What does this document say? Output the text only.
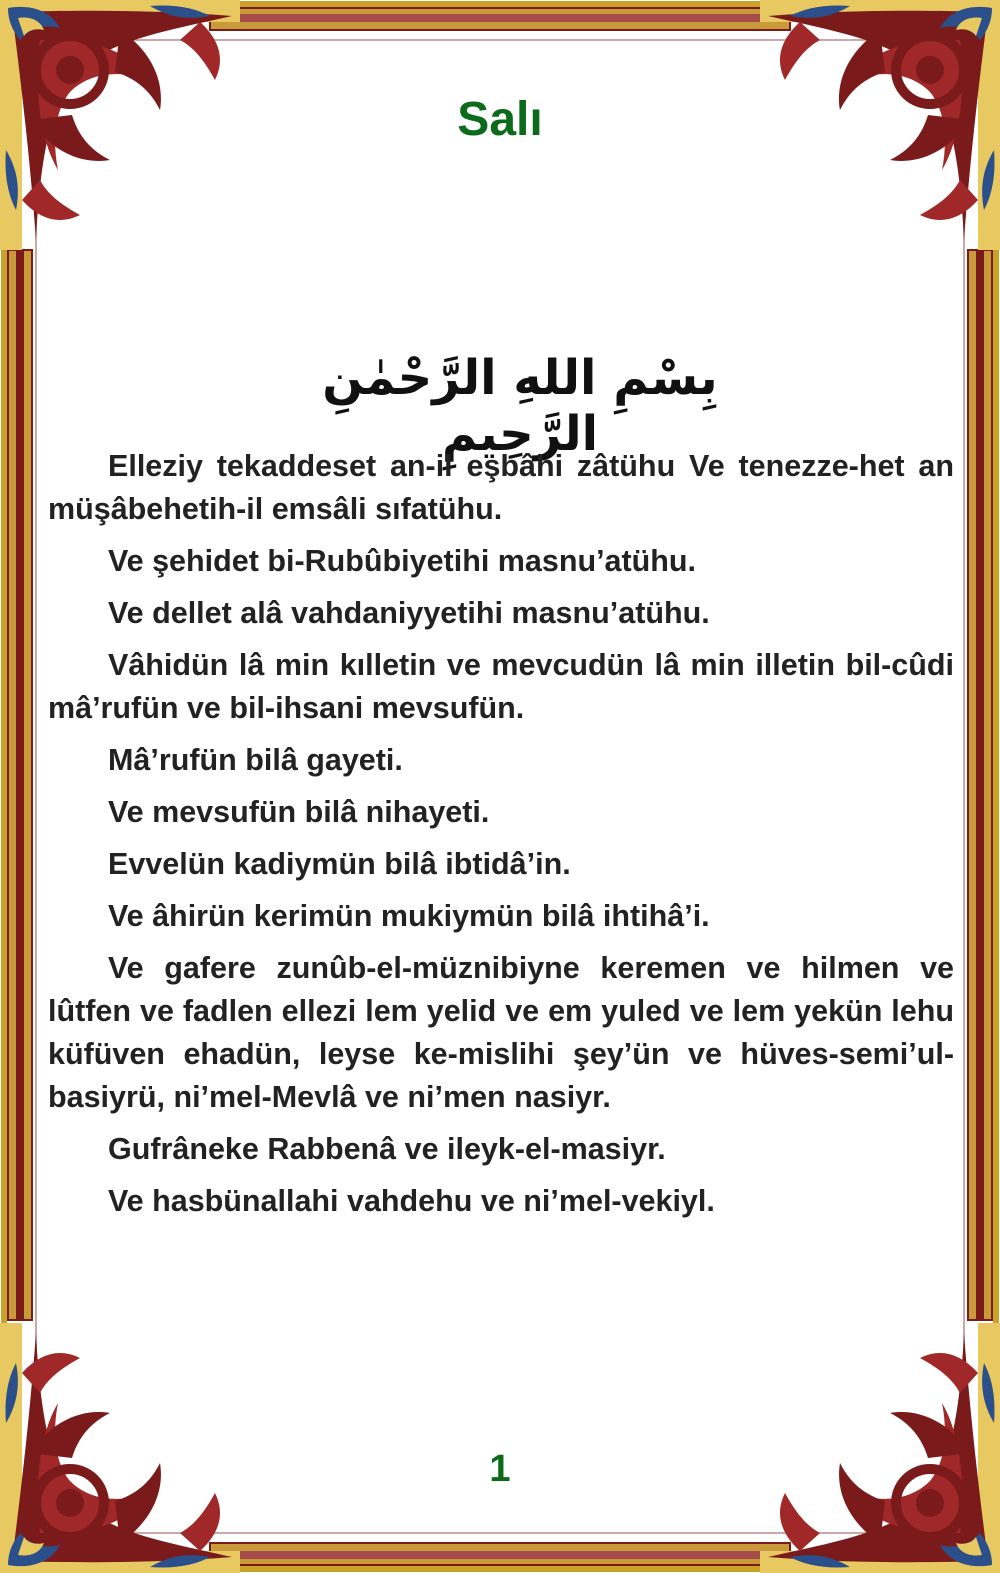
Salı
بِسْمِ اللهِ الرَّحْمٰنِ الرَّحِيمِ

Elleziy tekaddeset an-il eşbâhi zâtühu Ve tenezze-het an müşâbehetih-il emsâli sıfatühu.

Ve şehidet bi-Rubûbiyetihi masnu’atühu.

Ve dellet alâ vahdaniyyetihi masnu’atühu.

Vâhidün lâ min kılletin ve mevcudün lâ min illetin bil-cûdi mâ’rufün ve bil-ihsani mevsufün.

Mâ’rufün bilâ gayeti.

Ve mevsufün bilâ nihayeti.

Evvelün kadiymün bilâ ibtidâ’in.

Ve âhirün kerimün mukiymün bilâ ihtihâ’i.

Ve gafere zunûb-el-müznibiyne keremen ve hilmen ve lûtfen ve fadlen ellezi lem yelid ve em yuled ve lem yekün lehu küfüven ehadün, leyse ke-mislihi şey’ün ve hüves-semi’ul-basiyrü, ni’mel-Mevlâ ve ni’men nasiyr.

Gufrâneke Rabbenâ ve ileyk-el-masiyr.

Ve hasbünallahi vahdehu ve ni’mel-vekiyl.

1
